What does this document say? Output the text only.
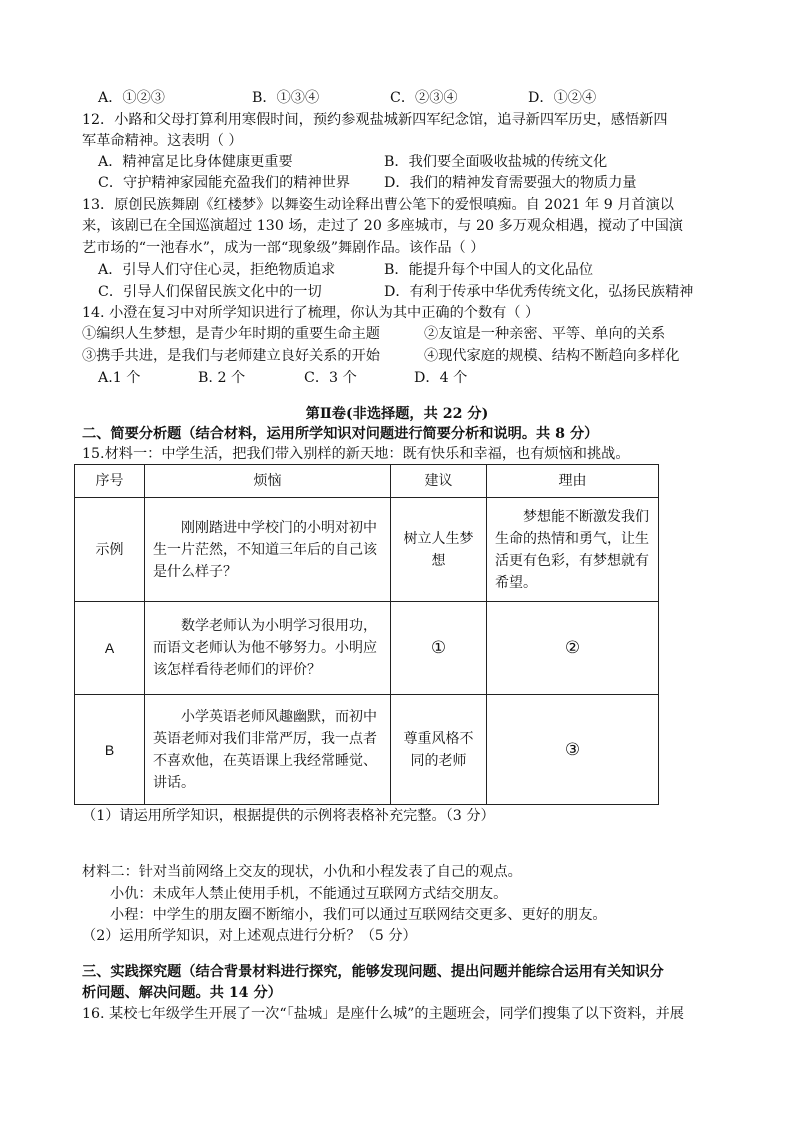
A．①②③	B．①③④	C．②③④	D．①②④
12．小路和父母打算利用寒假时间，预约参观盐城新四军纪念馆，追寻新四军历史，感悟新四
军革命精神。这表明（ ）
A．精神富足比身体健康更重要	B．我们要全面吸收盐城的传统文化
C．守护精神家园能充盈我们的精神世界 D．我们的精神发育需要强大的物质力量
13．原创民族舞剧《红楼梦》以舞姿生动诠释出曹公笔下的爱恨嗔痴。自 2021 年 9 月首演以
来，该剧已在全国巡演超过 130 场，走过了 20 多座城市，与 20 多万观众相遇，搅动了中国演
艺市场的“一池春水”，成为一部“现象级”舞剧作品。该作品（ ）
A．引导人们守住心灵，拒绝物质追求	B．能提升每个中国人的文化品位
C．引导人们保留民族文化中的一切	D．有利于传承中华优秀传统文化，弘扬民族精神
14. 小澄在复习中对所学知识进行了梳理，你认为其中正确的个数有（ ）
①编织人生梦想，是青少年时期的重要生命主题	②友谊是一种亲密、平等、单向的关系
③携手共进，是我们与老师建立良好关系的开始	④现代家庭的规模、结构不断趋向多样化
A.1 个	B. 2 个	C．3 个	D．4 个
第Ⅱ卷(非选择题，共 22 分)
二、简要分析题（结合材料，运用所学知识对问题进行简要分析和说明。共 8 分）
15.材料一：中学生活，把我们带入别样的新天地：既有快乐和幸福，也有烦恼和挑战。
序号	烦恼	建议	理由
示例	刚刚踏进中学校门的小明对初中生一片茫然，不知道三年后的自己该是什么样子？	树立人生梦想	梦想能不断激发我们生命的热情和勇气，让生活更有色彩，有梦想就有希望。
A	数学老师认为小明学习很用功，而语文老师认为他不够努力。小明应该怎样看待老师们的评价？	①	②
B	小学英语老师风趣幽默，而初中英语老师对我们非常严厉，我一点者不喜欢他，在英语课上我经常睡觉、讲话。	尊重风格不同的老师	③
（1）请运用所学知识，根据提供的示例将表格补充完整。（3 分）
材料二：针对当前网络上交友的现状，小仇和小程发表了自己的观点。
小仇：未成年人禁止使用手机，不能通过互联网方式结交朋友。
小程：中学生的朋友圈不断缩小，我们可以通过互联网结交更多、更好的朋友。
（2）运用所学知识，对上述观点进行分析？（5 分）
三、实践探究题（结合背景材料进行探究，能够发现问题、提出问题并能综合运用有关知识分
析问题、解决问题。共 14 分）
16. 某校七年级学生开展了一次“「盐城」是座什么城”的主题班会，同学们搜集了以下资料，并展
